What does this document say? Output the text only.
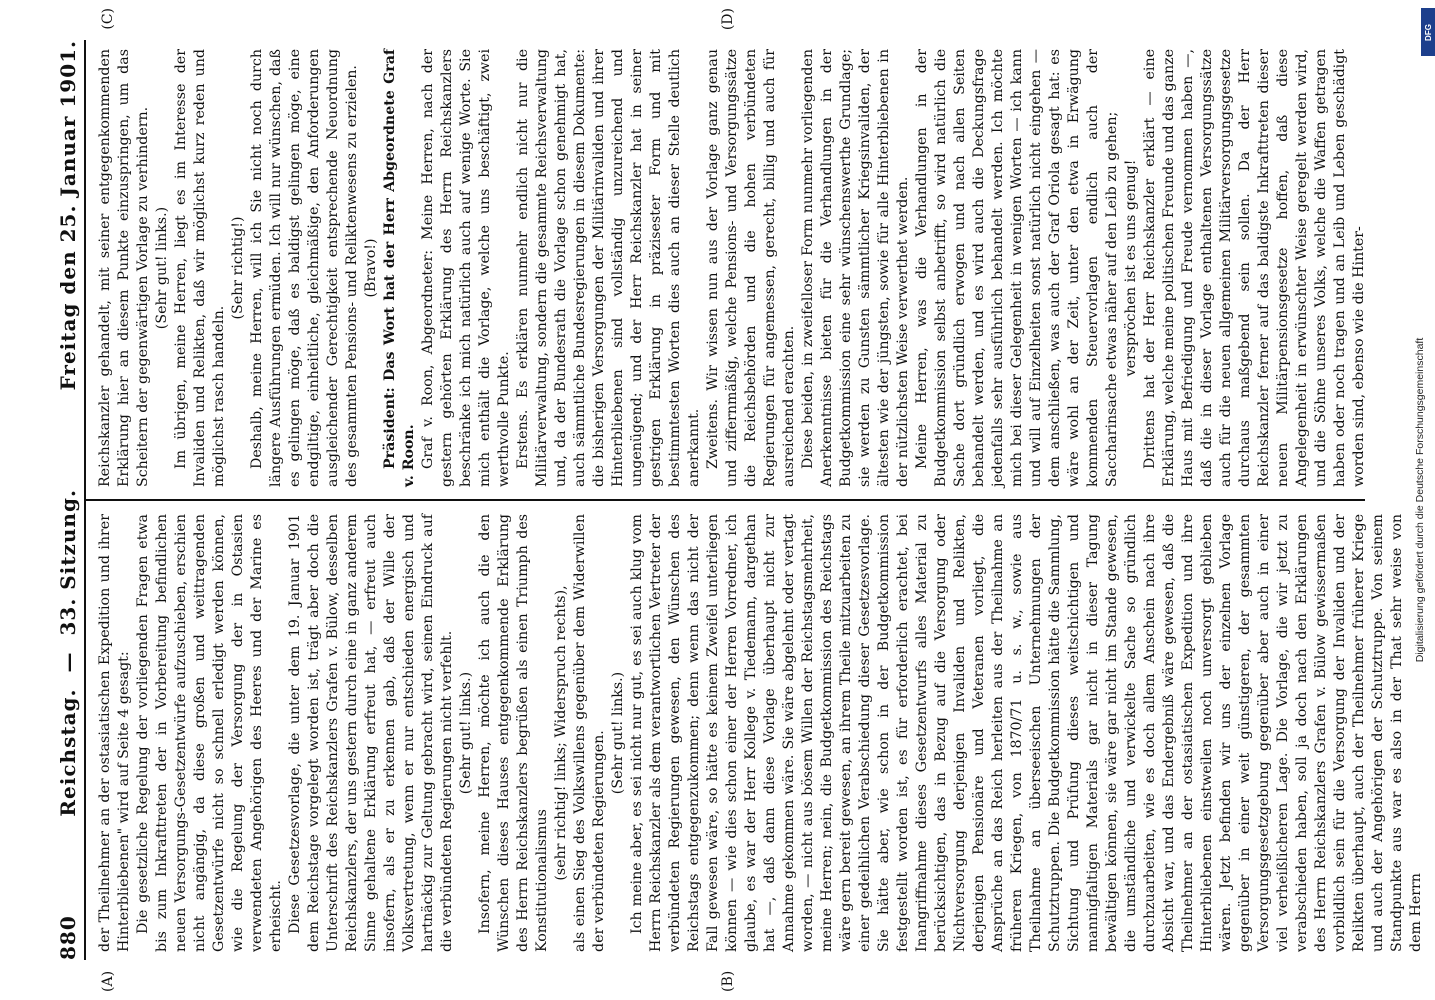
880
Reichstag.
—
33. Sitzung.
Freitag den 25. Januar 1901.
(A)	(B)
(C)	(D)

der Theilnehmer an der ostasiatischen Expedition und ihrer Hinterbliebenen" wird auf Seite 4 gesagt: Die gesetzliche Regelung der vorliegenden Fragen etwa bis zum Inkrafttreten der in Vorbereitung befindlichen neuen Versorgungs-Gesetzentwürfe aufzuschieben, erschien nicht angängig, da diese großen und weittragenden Gesetzentwürfe nicht so schnell erledigt werden können, wie die Regelung der Versorgung der in Ostasien verwendeten Angehörigen des Heeres und der Marine es erheischt. Diese Gesetzesvorlage, die unter dem 19. Januar 1901 dem Reichstage vorgelegt worden ist, trägt aber doch die Unterschrift des Reichskanzlers Grafen v. Bülow, desselben Reichskanzlers, der uns gestern durch eine in ganz anderem Sinne gehaltene Erklärung erfreut hat, — erfreut auch insofern, als er zu erkennen gab, daß der Wille der Volksvertretung, wenn er nur entschieden energisch und hartnäckig zur Geltung gebracht wird, seinen Eindruck auf die verbündeten Regierungen nicht verfehlt. (Sehr gut! links.) Insofern, meine Herren, möchte ich auch die den Wünschen dieses Hauses entgegenkommende Erklärung des Herrn Reichskanzlers begrüßen als einen Triumph des Konstitutionalismus (sehr richtig! links; Widerspruch rechts), als einen Sieg des Volkswillens gegenüber dem Widerwillen der verbündeten Regierungen. (Sehr gut! links.) Ich meine aber, es sei nicht nur gut, es sei auch klug vom Herrn Reichskanzler als dem verantwortlichen Vertreter der verbündeten Regierungen gewesen, den Wünschen des Reichstags entgegenzukommen; denn wenn das nicht der Fall gewesen wäre, so hätte es keinem Zweifel unterliegen können — wie dies schon einer der Herren Vorredner, ich glaube, es war der Herr Kollege v. Tiedemann, dargethan hat —, daß dann diese Vorlage überhaupt nicht zur Annahme gekommen wäre. Sie wäre abgelehnt oder vertagt worden, — nicht aus bösem Willen der Reichstagsmehrheit, meine Herren; nein, die Budgetkommission des Reichstags wäre gern bereit gewesen, an ihrem Theile mitzuarbeiten zu einer gedeihlichen Verabschiedung dieser Gesetzesvorlage. Sie hätte aber, wie schon in der Budgetkommission festgestellt worden ist, es für erforderlich erachtet, bei Inangriffnahme dieses Gesetzentwurfs alles Material zu berücksichtigen, das in Bezug auf die Versorgung oder Nichtversorgung derjenigen Invaliden und Relikten, derjenigen Pensionäre und Veteranen vorliegt, die Ansprüche an das Reich herleiten aus der Theilnahme an früheren Kriegen, von 1870/71 u. s. w., sowie aus Theilnahme an überseeischen Unternehmungen der Schutztruppen. Die Budgetkommission hätte die Sammlung, Sichtung und Prüfung dieses weitschichtigen und mannigfaltigen Materials gar nicht in dieser Tagung bewältigen können, sie wäre gar nicht im Stande gewesen, die umständliche und verwickelte Sache so gründlich durchzuarbeiten, wie es doch allem Anschein nach ihre Absicht war, und das Endergebniß wäre gewesen, daß die Theilnehmer an der ostasiatischen Expedition und ihre Hinterbliebenen einstweilen noch unversorgt geblieben wären. Jetzt befinden wir uns der einzelnen Vorlage gegenüber in einer weit günstigeren, der gesammten Versorgungsgesetzgebung gegenüber aber auch in einer viel verheißlicheren Lage. Die Vorlage, die wir jetzt zu verabschieden haben, soll ja doch nach den Erklärungen des Herrn Reichskanzlers Grafen v. Bülow gewissermaßen vorbildlich sein für die Versorgung der Invaliden und der Relikten überhaupt, auch der Theilnehmer früherer Kriege und auch der Angehörigen der Schutztruppe. Von seinem Standpunkte aus war es also in der That sehr weise von dem Herrn

Reichskanzler gehandelt, mit seiner entgegenkommenden Erklärung hier an diesem Punkte einzuspringen, um das Scheitern der gegenwärtigen Vorlage zu verhindern. (Sehr gut! links.) Im übrigen, meine Herren, liegt es im Interesse der Invaliden und Relikten, daß wir möglichst kurz reden und möglichst rasch handeln.

(Sehr richtig!) Deshalb, meine Herren, will ich Sie nicht noch durch längere Ausführungen ermüden. Ich will nur wünschen, daß es gelingen möge, daß es baldigst gelingen möge, eine endgiltige, einheitliche, gleichmäßige, den Anforderungen ausgleichender Gerechtigkeit entsprechende Neuordnung des gesammten Pensions- und Reliktenwesens zu erzielen. (Bravo!) Präsident: Das Wort hat der Herr Abgeordnete Graf v. Roon. Graf v. Roon, Abgeordneter: Meine Herren, nach der gestern gehörten Erklärung des Herrn Reichskanzlers beschränke ich mich natürlich auch auf wenige Worte. Sie mich enthält die Vorlage, welche uns beschäftigt, zwei werthvolle Punkte. Erstens. Es erklären nunmehr endlich nicht nur die Militärverwaltung, sondern die gesammte Reichsverwaltung und, da der Bundesrath die Vorlage schon genehmigt hat, auch sämmtliche Bundesregierungen in diesem Dokumente: die bisherigen Versorgungen der Militärinvaliden und ihrer Hinterbliebenen sind vollständig unzureichend und ungenügend; und der Herr Reichskanzler hat in seiner gestrigen Erklärung in präzisester Form und mit bestimmtesten Worten dies auch an dieser Stelle deutlich anerkannt. Zweitens. Wir wissen nun aus der Vorlage ganz genau und ziffernmäßig, welche Pensions- und Versorgungssätze die Reichsbehörden und die hohen verbündeten Regierungen für angemessen, gerecht, billig und auch für ausreichend erachten. Diese beiden, in zweifelloser Form nunmehr vorliegenden Anerkenntnisse bieten für die Verhandlungen in der Budgetkommission eine sehr wünschenswerthe Grundlage; sie werden zu Gunsten sämmtlicher Kriegsinvaliden, der ältesten wie der jüngsten, sowie für alle Hinterbliebenen in der nützlichsten Weise verwerthet werden. Meine Herren, was die Verhandlungen in der Budgetkommission selbst anbetrifft, so wird natürlich die Sache dort gründlich erwogen und nach allen Seiten behandelt werden, und es wird auch die Deckungsfrage jedenfalls sehr ausführlich behandelt werden. Ich möchte mich bei dieser Gelegenheit in wenigen Worten — ich kann und will auf Einzelheiten sonst natürlich nicht eingehen — dem anschließen, was auch der Graf Oriola gesagt hat: es wäre wohl an der Zeit, unter den etwa in Erwägung kommenden Steuervorlagen endlich auch der Saccharinsache etwas näher auf den Leib zu gehen; verspröchen ist es uns genug! Drittens hat der Herr Reichskanzler erklärt — eine Erklärung, welche meine politischen Freunde und das ganze Haus mit Befriedigung und Freude vernommen haben —, daß die in dieser Vorlage enthaltenen Versorgungssätze auch für die neuen allgemeinen Militärversorgungsgesetze durchaus maßgebend sein sollen. Da der Herr Reichskanzler ferner auf das baldigste Inkrafttreten dieser neuen Militärpensionsgesetze hoffen, daß diese Angelegenheit in erwünschter Weise geregelt werden wird, und die Söhne unseres Volks, welche die Waffen getragen haben oder noch tragen und an Leib und Leben geschädigt worden sind, ebenso wie die Hinter-	Digitalisierung gefördert durch die Deutsche Forschungsgemeinschaft
DFG
